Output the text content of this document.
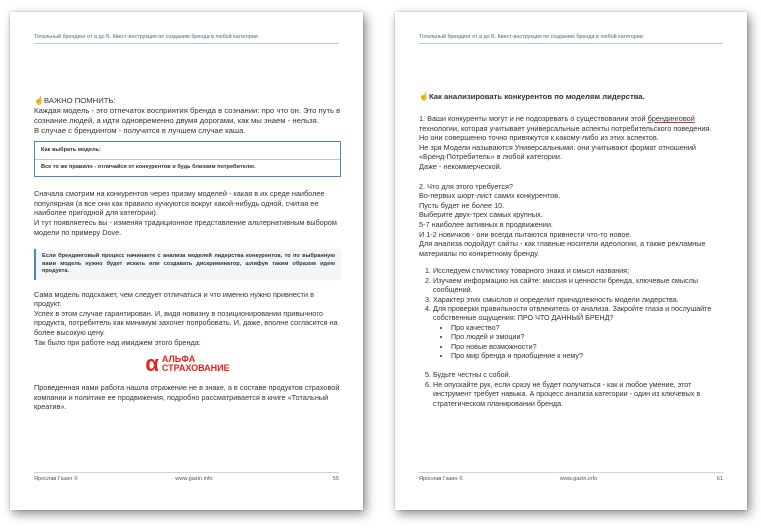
Тотальный брендинг от а до Б. Квест-инструкция по созданию бренда в любой категории

☝ВАЖНО ПОМНИТЬ:

Каждая модель - это отпечаток восприятия бренда в сознании: про что он. Это путь в сознание людей, а идти одновременно двумя дорогами, как мы знаем - нельзя.

В случае с брендингом - получится в лучшем случае каша.

Как выбрать модель:
Все то же правило - отличайся от конкурентов и будь близким потребителю.

Сначала смотрим на конкурентов через призму моделей - какая в их среде наиболее популярная (а все они как правило кучкуются вокруг какой-нибудь одной, считая ее наиболее пригодной для категории).

И тут появляетесь вы - изменяя традиционное представление альтернативным выбором модели по примеру Dove.

Если брендинговый процесс начинаете с анализа моделей лидерства конкурентов, то по выбранную вами модель нужно будет искать или создавать дискриминатор, шлифуя таким образом идею продукта.

Сама модель подскажет, чем следует отличаться и что именно нужно привнести в продукт.

Успех в этом случае гарантирован. И, видя новизну в позиционировании привычного продукта, потребитель как минимум захочет попробовать. И, даже, вполне согласится на более высокую цену.

Так было при работе над имиджем этого бренда:

α АЛЬФА
СТРАХОВАНИЕ

Проведенная нами работа нашла отражение не в знаке, а в составе продуктов страховой компании и политике ее продвижения, подробно рассматривается в книге «Тотальный креатив».

Ярослав Газин ©	www.gazin.info	55
Тотальный брендинг от а до Б. Квест-инструкция по созданию бренда в любой категории

☝Как анализировать конкурентов по моделям лидерства.

1. Ваши конкуренты могут и не подозревать о существовании этой брендинговой технологии, которая учитывает универсальные аспекты потребительского поведения.

Но они совершенно точно привяжутся к какому-либо из этих аспектов.

Не зря Модели называются Универсальными: они учитывают формат отношений «Бренд-Потребитель» в любой категории.

Даже - некоммерческой.

2. Что для этого требуется?

Во-первых шорт-лист самих конкурентов.

Пусть будет не более 10.

Выберите двух-трех самых крупных.

5-7 наиболее активных в продвижении.

И 1-2 новичков - они всегда пытаются привнести что-то новое.

Для анализа подойдут сайты - как главные носители идеологии, а также рекламные материалы по конкретному бренду.

1. Исследуем стилистику товарного знака и смысл названия;
2. Изучаем информацию на сайте: миссия и ценности бренда, ключевые смыслы сообщений.
3. Характер этих смыслов и определит принадлежность модели лидерства.
4. Для проверки правильности отвлекитесь от анализа. Закройте глаза и послушайте собственные ощущения: ПРО ЧТО ДАННЫЙ БРЕНД?
• Про качество?
• Про людей и эмоции?
• Про новые возможности?
• Про мир бренда и приобщение к нему?
5. Будьте честны с собой.
6. Не опускайте рук, если сразу не будет получаться - как и любое умение, этот инструмент требует навыка. А процесс анализа категории - один из ключевых в стратегическом планировании бренда.
Ярослав Газин ©	www.gazin.info	61
